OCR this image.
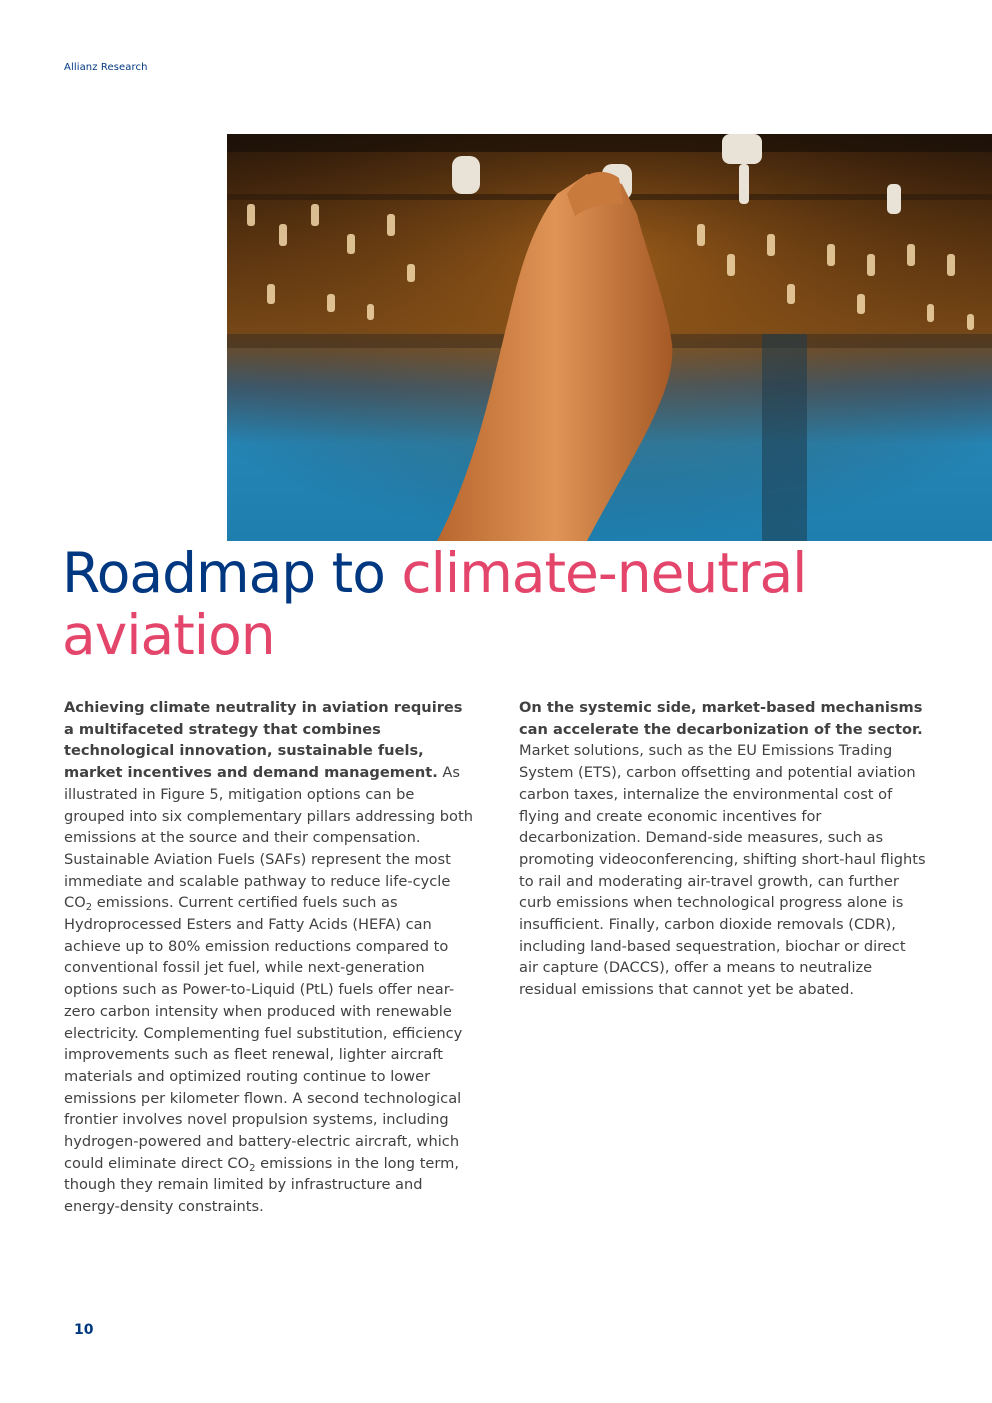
Allianz Research
Roadmap to climate-neutral aviation

Achieving climate neutrality in aviation requires a multifaceted strategy that combines technological innovation, sustainable fuels, market incentives and demand management. As illustrated in Figure 5, mitigation options can be grouped into six complementary pillars addressing both emissions at the source and their compensation. Sustainable Aviation Fuels (SAFs) represent the most immediate and scalable pathway to reduce life-cycle $CO_2$ emissions. Current certified fuels such as Hydroprocessed Esters and Fatty Acids (HEFA) can achieve up to 80% emission reductions compared to conventional fossil jet fuel, while next-generation options such as Power-to-Liquid (PtL) fuels offer near-zero carbon intensity when produced with renewable electricity. Complementing fuel substitution, efficiency improvements such as fleet renewal, lighter aircraft materials and optimized routing continue to lower emissions per kilometer flown. A second technological frontier involves novel propulsion systems, including hydrogen-powered and battery-electric aircraft, which could eliminate direct $CO_2$ emissions in the long term, though they remain limited by infrastructure and energy-density constraints.

On the systemic side, market-based mechanisms can accelerate the decarbonization of the sector. Market solutions, such as the EU Emissions Trading System (ETS), carbon offsetting and potential aviation carbon taxes, internalize the environmental cost of flying and create economic incentives for decarbonization. Demand-side measures, such as promoting videoconferencing, shifting short-haul flights to rail and moderating air-travel growth, can further curb emissions when technological progress alone is insufficient. Finally, carbon dioxide removals (CDR), including land-based sequestration, biochar or direct air capture (DACCS), offer a means to neutralize residual emissions that cannot yet be abated.

10
